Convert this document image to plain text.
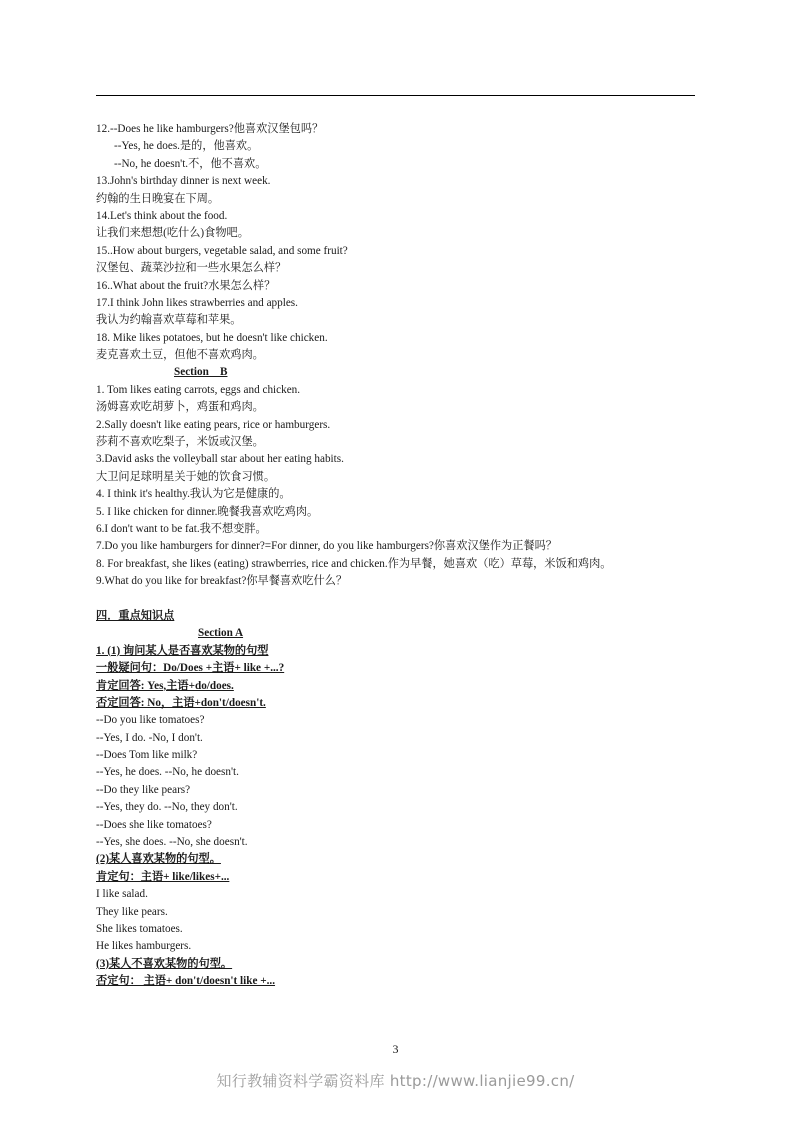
12.--Does he like hamburgers?他喜欢汉堡包吗？
--Yes, he does.是的，他喜欢。
--No, he doesn't.不，他不喜欢。
13.John's birthday dinner is next week.
约翰的生日晚宴在下周。
14.Let's think about the food.
让我们来想想(吃什么)食物吧。
15..How about burgers, vegetable salad, and some fruit?
汉堡包、蔬菜沙拉和一些水果怎么样？
16..What about the fruit?水果怎么样？
17.I think John likes strawberries and apples.
我认为约翰喜欢草莓和苹果。
18. Mike likes potatoes, but he doesn't like chicken.
麦克喜欢土豆，但他不喜欢鸡肉。
Section　B
1. Tom likes eating carrots, eggs and chicken.
汤姆喜欢吃胡萝卜，鸡蛋和鸡肉。
2.Sally doesn't like eating pears, rice or hamburgers.
莎莉不喜欢吃梨子，米饭或汉堡。
3.David asks the volleyball star about her eating habits.
大卫问足球明星关于她的饮食习惯。
4. I think it's healthy.我认为它是健康的。
5. I like chicken for dinner.晚餐我喜欢吃鸡肉。
6.I don't want to be fat.我不想变胖。
7.Do you like hamburgers for dinner?=For dinner, do you like hamburgers?你喜欢汉堡作为正餐吗？
8. For breakfast, she likes (eating) strawberries, rice and chicken.作为早餐，她喜欢（吃）草莓，米饭和鸡肉。
9.What do you like for breakfast?你早餐喜欢吃什么？
四．重点知识点
Section A
1. (1) 询问某人是否喜欢某物的句型
一般疑问句：Do/Does +主语+ like +...?
肯定回答: Yes,主语+do/does.
否定回答: No，主语+don't/doesn't.
--Do you like tomatoes?
--Yes, I do. -No, I don't.
--Does Tom like milk?
--Yes, he does. --No, he doesn't.
--Do they like pears?
--Yes, they do. --No, they don't.
--Does she like tomatoes?
--Yes, she does. --No, she doesn't.
(2)某人喜欢某物的句型。
肯定句：主语+ like/likes+...
I like salad.
They like pears.
She likes tomatoes.
He likes hamburgers.
(3)某人不喜欢某物的句型。
否定句： 主语+ don't/doesn't like +...
3
知行教辅资料学霸资料库 http://www.lianjie99.cn/
